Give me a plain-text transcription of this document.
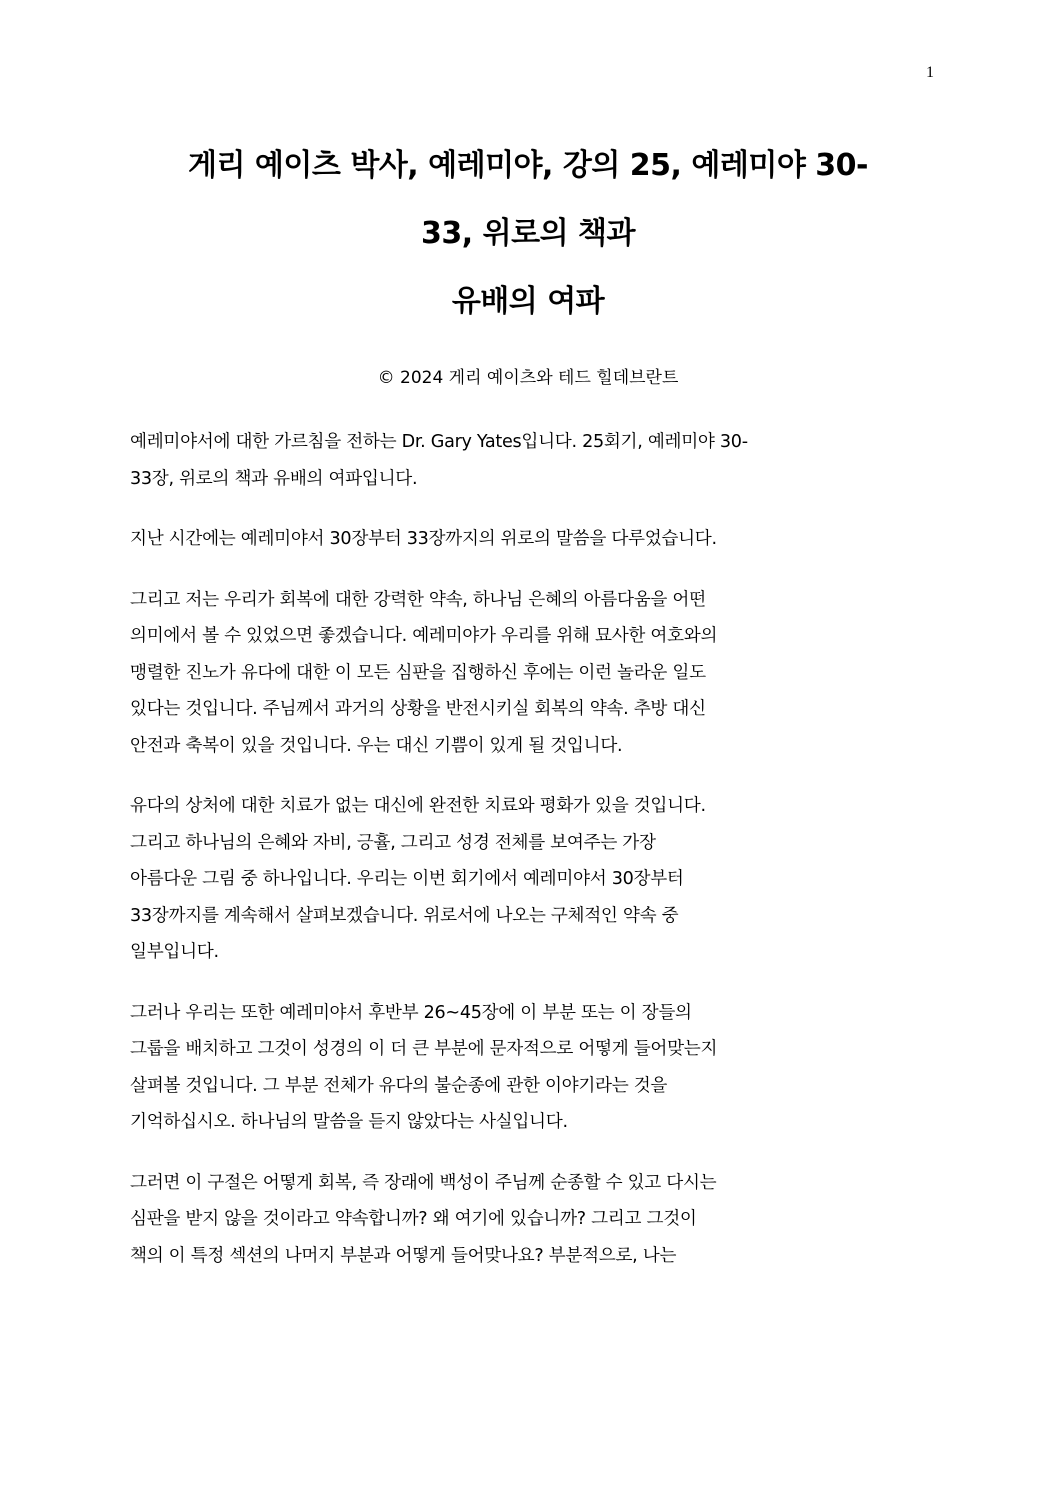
1
게리 예이츠 박사, 예레미야, 강의 25, 예레미야 30-
33, 위로의 책과
유배의 여파
© 2024 게리 예이츠와 테드 힐데브란트

예레미야서에 대한 가르침을 전하는 Dr. Gary Yates입니다. 25회기, 예레미야 30-
33장, 위로의 책과 유배의 여파입니다.

지난 시간에는 예레미야서 30장부터 33장까지의 위로의 말씀을 다루었습니다.

그리고 저는 우리가 회복에 대한 강력한 약속, 하나님 은혜의 아름다움을 어떤
의미에서 볼 수 있었으면 좋겠습니다. 예레미야가 우리를 위해 묘사한 여호와의
맹렬한 진노가 유다에 대한 이 모든 심판을 집행하신 후에는 이런 놀라운 일도
있다는 것입니다. 주님께서 과거의 상황을 반전시키실 회복의 약속. 추방 대신
안전과 축복이 있을 것입니다. 우는 대신 기쁨이 있게 될 것입니다.

유다의 상처에 대한 치료가 없는 대신에 완전한 치료와 평화가 있을 것입니다.
그리고 하나님의 은혜와 자비, 긍휼, 그리고 성경 전체를 보여주는 가장
아름다운 그림 중 하나입니다. 우리는 이번 회기에서 예레미야서 30장부터
33장까지를 계속해서 살펴보겠습니다. 위로서에 나오는 구체적인 약속 중
일부입니다.

그러나 우리는 또한 예레미야서 후반부 26~45장에 이 부분 또는 이 장들의
그룹을 배치하고 그것이 성경의 이 더 큰 부분에 문자적으로 어떻게 들어맞는지
살펴볼 것입니다. 그 부분 전체가 유다의 불순종에 관한 이야기라는 것을
기억하십시오. 하나님의 말씀을 듣지 않았다는 사실입니다.

그러면 이 구절은 어떻게 회복, 즉 장래에 백성이 주님께 순종할 수 있고 다시는
심판을 받지 않을 것이라고 약속합니까? 왜 여기에 있습니까? 그리고 그것이
책의 이 특정 섹션의 나머지 부분과 어떻게 들어맞나요? 부분적으로, 나는
